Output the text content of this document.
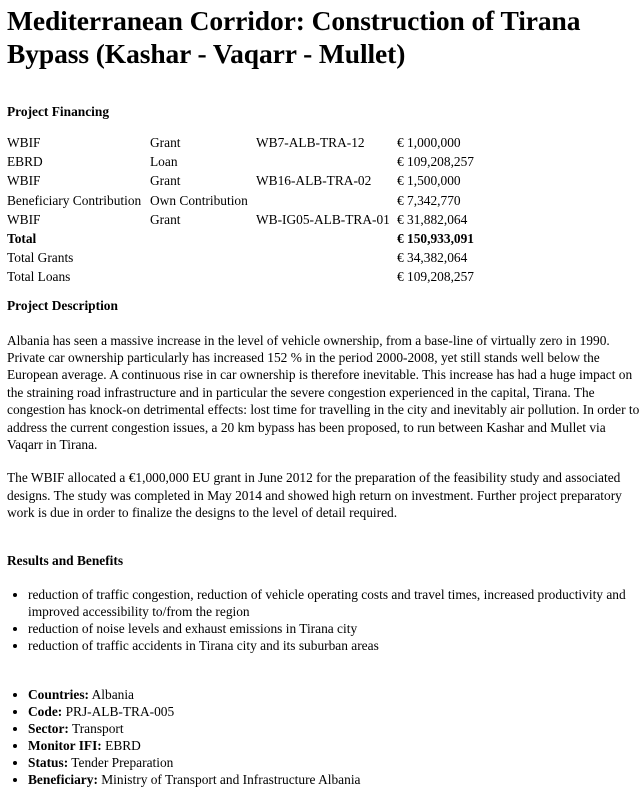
Mediterranean Corridor: Construction of Tirana Bypass (Kashar - Vaqarr - Mullet)
Project Financing
WBIF	Grant	WB7-ALB-TRA-12	€ 1,000,000
EBRD	Loan		€ 109,208,257
WBIF	Grant	WB16-ALB-TRA-02	€ 1,500,000
Beneficiary Contribution	Own Contribution		€ 7,342,770
WBIF	Grant	WB-IG05-ALB-TRA-01	€ 31,882,064
Total			€ 150,933,091
Total Grants			€ 34,382,064
Total Loans			€ 109,208,257
Project Description

Albania has seen a massive increase in the level of vehicle ownership, from a base-line of virtually zero in 1990. Private car ownership particularly has increased 152 % in the period 2000-2008, yet still stands well below the European average. A continuous rise in car ownership is therefore inevitable. This increase has had a huge impact on the straining road infrastructure and in particular the severe congestion experienced in the capital, Tirana. The congestion has knock-on detrimental effects: lost time for travelling in the city and inevitably air pollution. In order to address the current congestion issues, a 20 km bypass has been proposed, to run between Kashar and Mullet via Vaqarr in Tirana.

The WBIF allocated a €1,000,000 EU grant in June 2012 for the preparation of the feasibility study and associated designs. The study was completed in May 2014 and showed high return on investment. Further project preparatory work is due in order to finalize the designs to the level of detail required.

Results and Benefits
• reduction of traffic congestion, reduction of vehicle operating costs and travel times, increased productivity and improved accessibility to/from the region
• reduction of noise levels and exhaust emissions in Tirana city
• reduction of traffic accidents in Tirana city and its suburban areas
• Countries: Albania
• Code: PRJ-ALB-TRA-005
• Sector: Transport
• Monitor IFI: EBRD
• Status: Tender Preparation
• Beneficiary: Ministry of Transport and Infrastructure Albania
